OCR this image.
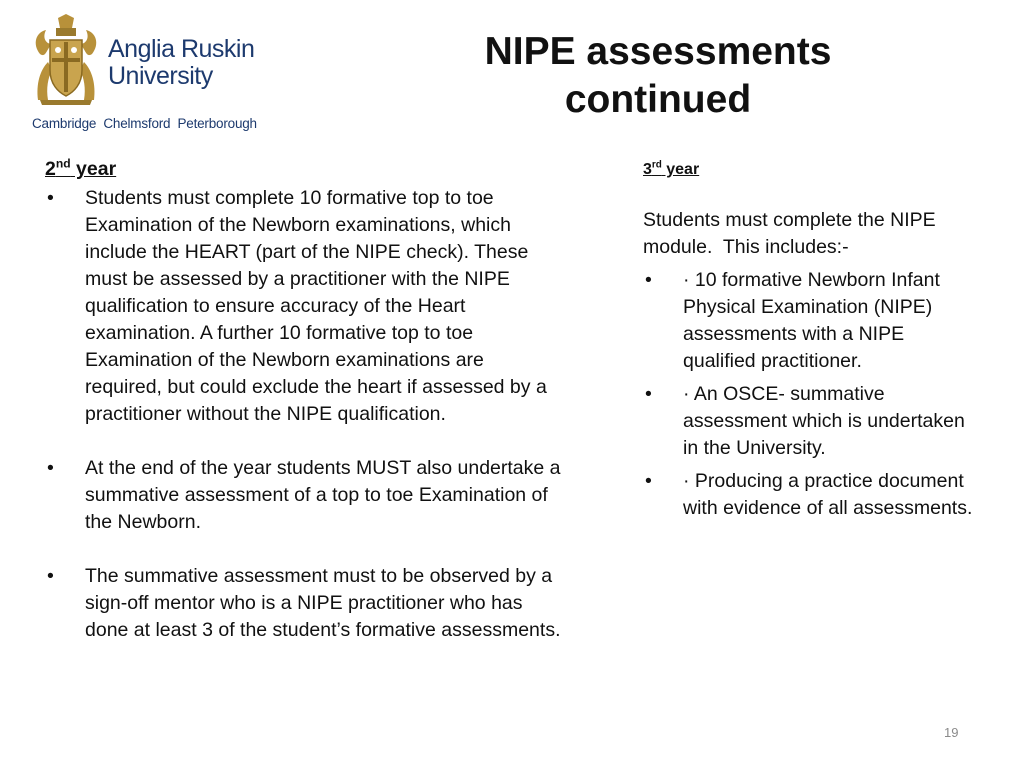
Anglia Ruskin
University
Cambridge  Chelmsford  Peterborough
NIPE assessments
continued
2nd year
• Students must complete 10 formative top to toe Examination of the Newborn examinations, which include the HEART (part of the NIPE check). These must be assessed by a practitioner with the NIPE qualification to ensure accuracy of the Heart examination. A further 10 formative top to toe Examination of the Newborn examinations are required, but could exclude the heart if assessed by a practitioner without the NIPE qualification.
• At the end of the year students MUST also undertake a summative assessment of a top to toe Examination of the Newborn.
• The summative assessment must to be observed by a sign-off mentor who is a NIPE practitioner who has done at least 3 of the student’s formative assessments.
3rd year
Students must complete the NIPE module.  This includes:-
• · 10 formative Newborn Infant Physical Examination (NIPE) assessments with a NIPE qualified practitioner.
• · An OSCE- summative assessment which is undertaken in the University.
• · Producing a practice document with evidence of all assessments.
19
